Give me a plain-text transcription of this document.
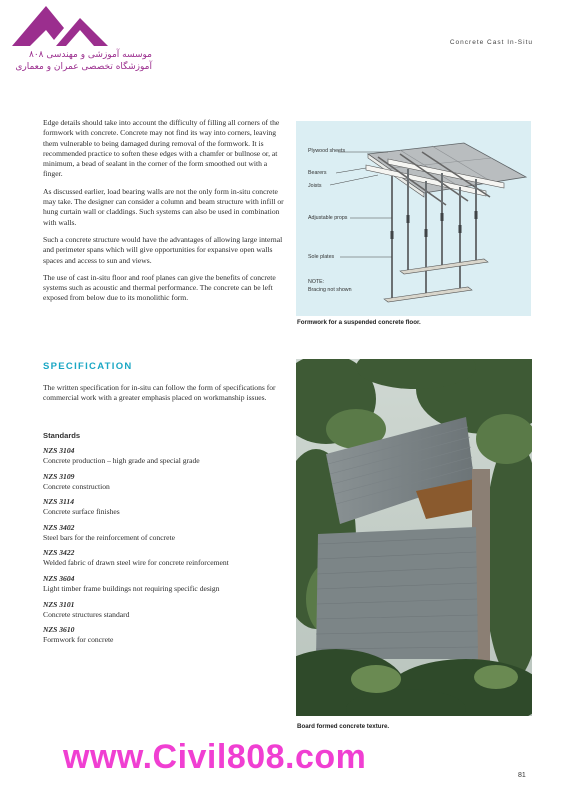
موسسه آموزشی و مهندسی ۸۰۸
آموزشگاه تخصصی عمران و معماری
Concrete Cast In-Situ

Edge details should take into account the difficulty of filling all corners of the formwork with concrete. Concrete may not find its way into corners, leaving them vulnerable to being damaged during removal of the formwork. It is recommended practice to soften these edges with a chamfer or bullnose or, at minimum, a bead of sealant in the corner of the form smoothed out with a finger.

As discussed earlier, load bearing walls are not the only form in-situ concrete may take. The designer can consider a column and beam structure with infill or hung curtain wall or claddings. Such systems can also be used in combination with walls.

Such a concrete structure would have the advantages of allowing large internal and perimeter spans which will give opportunities for expansive open walls spaces and access to sun and views.

The use of cast in-situ floor and roof planes can give the benefits of concrete systems such as acoustic and thermal performance. The concrete can be left exposed from below due to its monolithic form.

SPECIFICATION

The written specification for in-situ can follow the form of specifications for commercial work with a greater emphasis placed on workmanship issues.

Standards

NZS 3104
Concrete production – high grade and special grade
NZS 3109
Concrete construction
NZS 3114
Concrete surface finishes
NZS 3402
Steel bars for the reinforcement of concrete
NZS 3422
Welded fabric of drawn steel wire for concrete reinforcement
NZS 3604
Light timber frame buildings not requiring specific design
NZS 3101
Concrete structures standard
NZS 3610
Formwork for concrete
Plywood sheets
Bearers
Joists
Adjustable props
Sole plates
NOTE:
Bracing not shown

Formwork for a suspended concrete floor.

Board formed concrete texture.

www.Civil808.com	81
